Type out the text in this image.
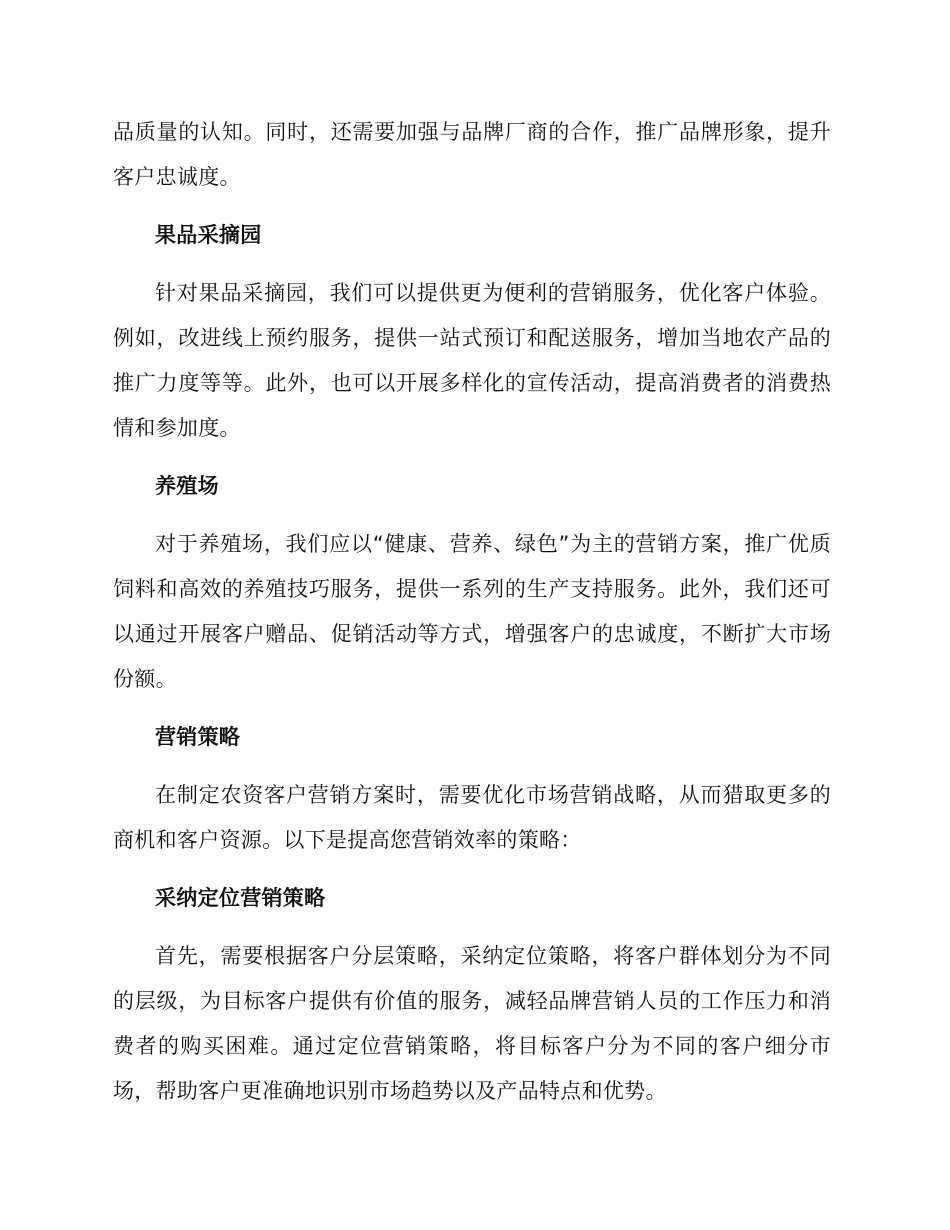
品质量的认知。同时，还需要加强与品牌厂商的合作，推广品牌形象，提升客户忠诚度。

果品采摘园

针对果品采摘园，我们可以提供更为便利的营销服务，优化客户体验。例如，改进线上预约服务，提供一站式预订和配送服务，增加当地农产品的推广力度等等。此外，也可以开展多样化的宣传活动，提高消费者的消费热情和参加度。

养殖场

对于养殖场，我们应以“健康、营养、绿色”为主的营销方案，推广优质饲料和高效的养殖技巧服务，提供一系列的生产支持服务。此外，我们还可以通过开展客户赠品、促销活动等方式，增强客户的忠诚度，不断扩大市场份额。

营销策略

在制定农资客户营销方案时，需要优化市场营销战略，从而猎取更多的商机和客户资源。以下是提高您营销效率的策略：

采纳定位营销策略

首先，需要根据客户分层策略，采纳定位策略，将客户群体划分为不同的层级，为目标客户提供有价值的服务，减轻品牌营销人员的工作压力和消费者的购买困难。通过定位营销策略，将目标客户分为不同的客户细分市场，帮助客户更准确地识别市场趋势以及产品特点和优势。
